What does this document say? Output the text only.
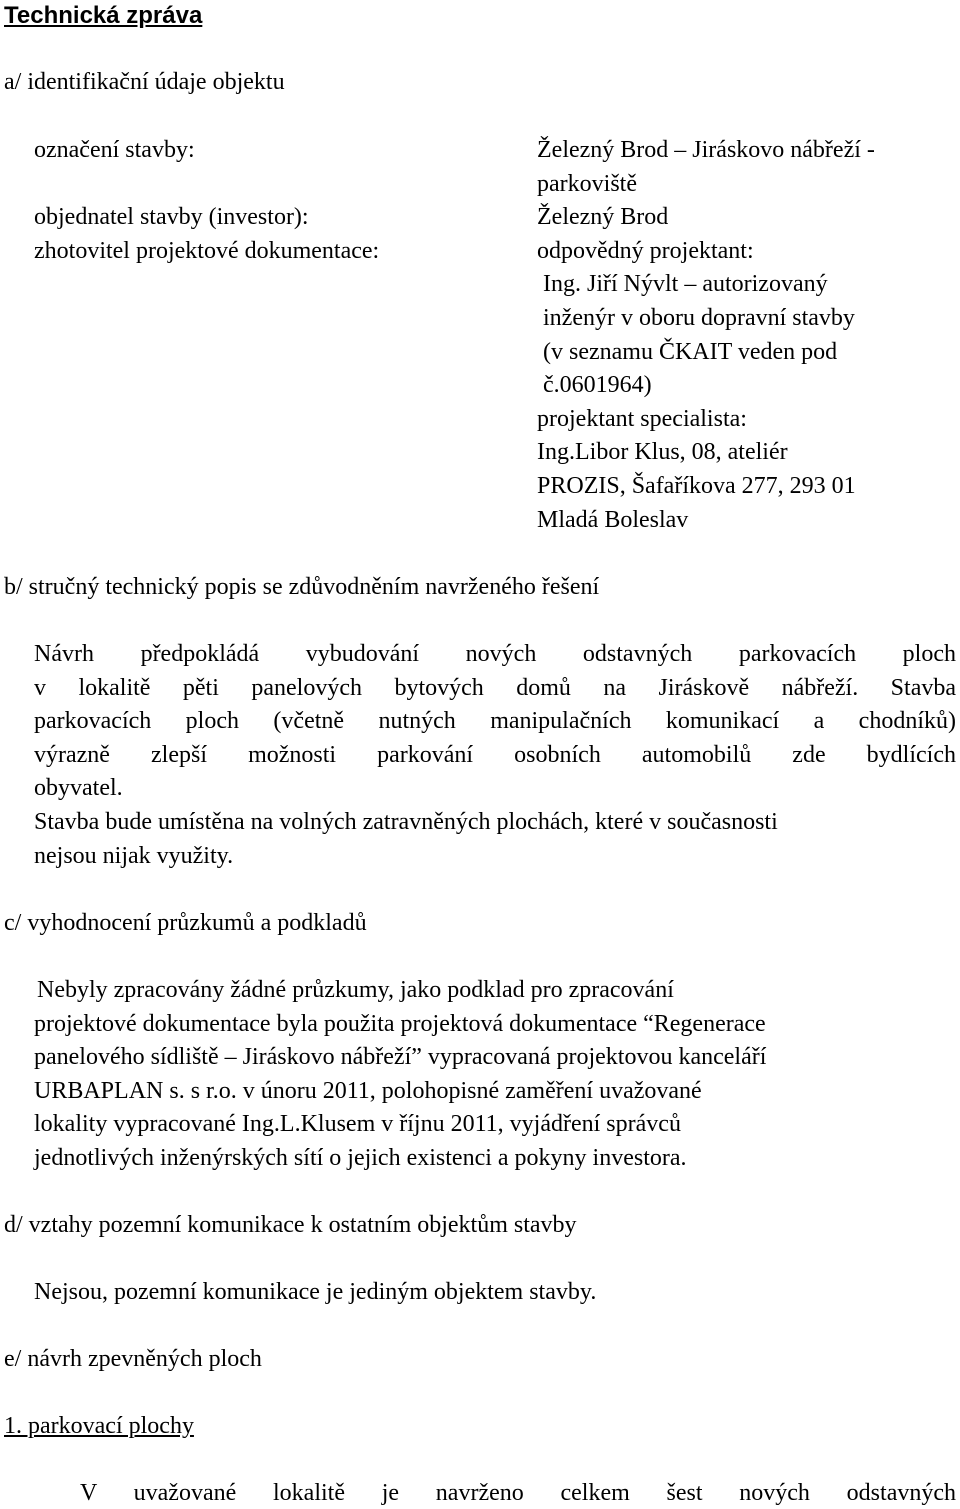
Technická zpráva
a/ identifikační údaje objektu
označení stavby:
objednatel stavby (investor):
zhotovitel projektové dokumentace:
Železný Brod – Jiráskovo nábřeží -
parkoviště
Železný Brod
odpovědný projektant:
Ing. Jiří Nývlt – autorizovaný
inženýr v oboru dopravní stavby
(v seznamu ČKAIT veden pod
č.0601964)
projektant specialista:
Ing.Libor Klus, 08, ateliér
PROZIS, Šafaříkova 277, 293 01
Mladá Boleslav
b/ stručný technický popis se zdůvodněním navrženého řešení
Návrh předpokládá vybudování nových odstavných parkovacích ploch
v lokalitě pěti panelových bytových domů na Jiráskově nábřeží. Stavba
parkovacích ploch (včetně nutných manipulačních komunikací a chodníků)
výrazně zlepší možnosti parkování osobních automobilů zde bydlících
obyvatel.
Stavba bude umístěna na volných zatravněných plochách, které v současnosti
nejsou nijak využity.
c/ vyhodnocení průzkumů a podkladů
Nebyly zpracovány žádné průzkumy, jako podklad pro zpracování
projektové dokumentace byla použita projektová dokumentace “Regenerace
panelového sídliště – Jiráskovo nábřeží” vypracovaná projektovou kanceláří
URBAPLAN s. s r.o. v únoru 2011, polohopisné zaměření uvažované
lokality vypracované Ing.L.Klusem v říjnu 2011, vyjádření správců
jednotlivých inženýrských sítí o jejich existenci a pokyny investora.
d/ vztahy pozemní komunikace k ostatním objektům stavby
Nejsou, pozemní komunikace je jediným objektem stavby.
e/ návrh zpevněných ploch
1. parkovací plochy
V uvažované lokalitě je navrženo celkem šest nových odstavných
